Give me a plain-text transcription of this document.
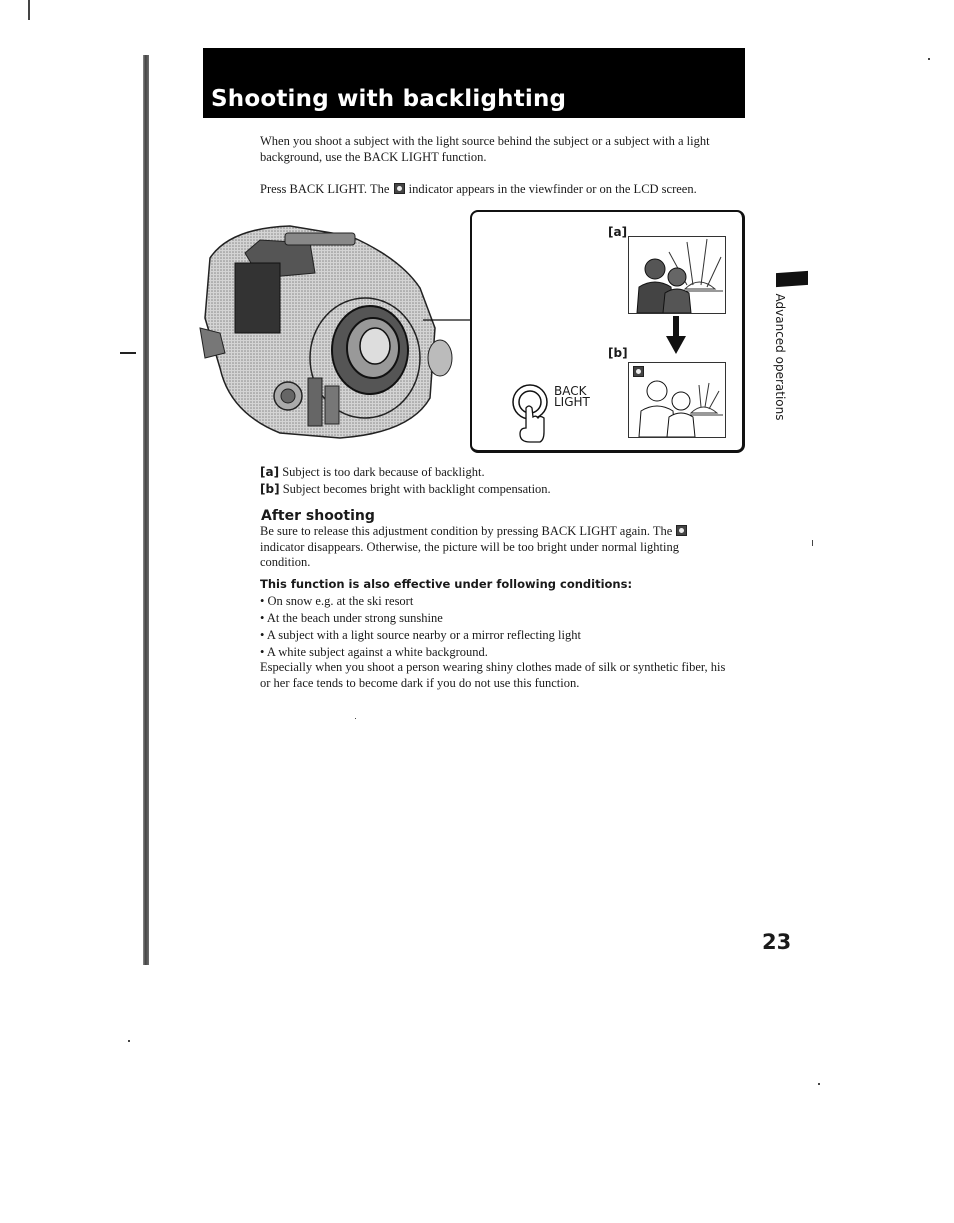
Shooting with backlighting
When you shoot a subject with the light source behind the subject or a subject with a light background, use the BACK LIGHT function.
Press BACK LIGHT. The indicator appears in the viewfinder or on the LCD screen.
[a]
[b]
BACK
LIGHT
[a] Subject is too dark because of backlight.
[b] Subject becomes bright with backlight compensation.
After shooting
Be sure to release this adjustment condition by pressing BACK LIGHT again. The  indicator disappears. Otherwise, the picture will be too bright under normal lighting condition.
This function is also effective under following conditions:
• On snow e.g. at the ski resort
• At the beach under strong sunshine
• A subject with a light source nearby or a mirror reflecting light
• A white subject against a white background.
Especially when you shoot a person wearing shiny clothes made of silk or synthetic fiber, his or her face tends to become dark if you do not use this function.
Advanced operations
23
